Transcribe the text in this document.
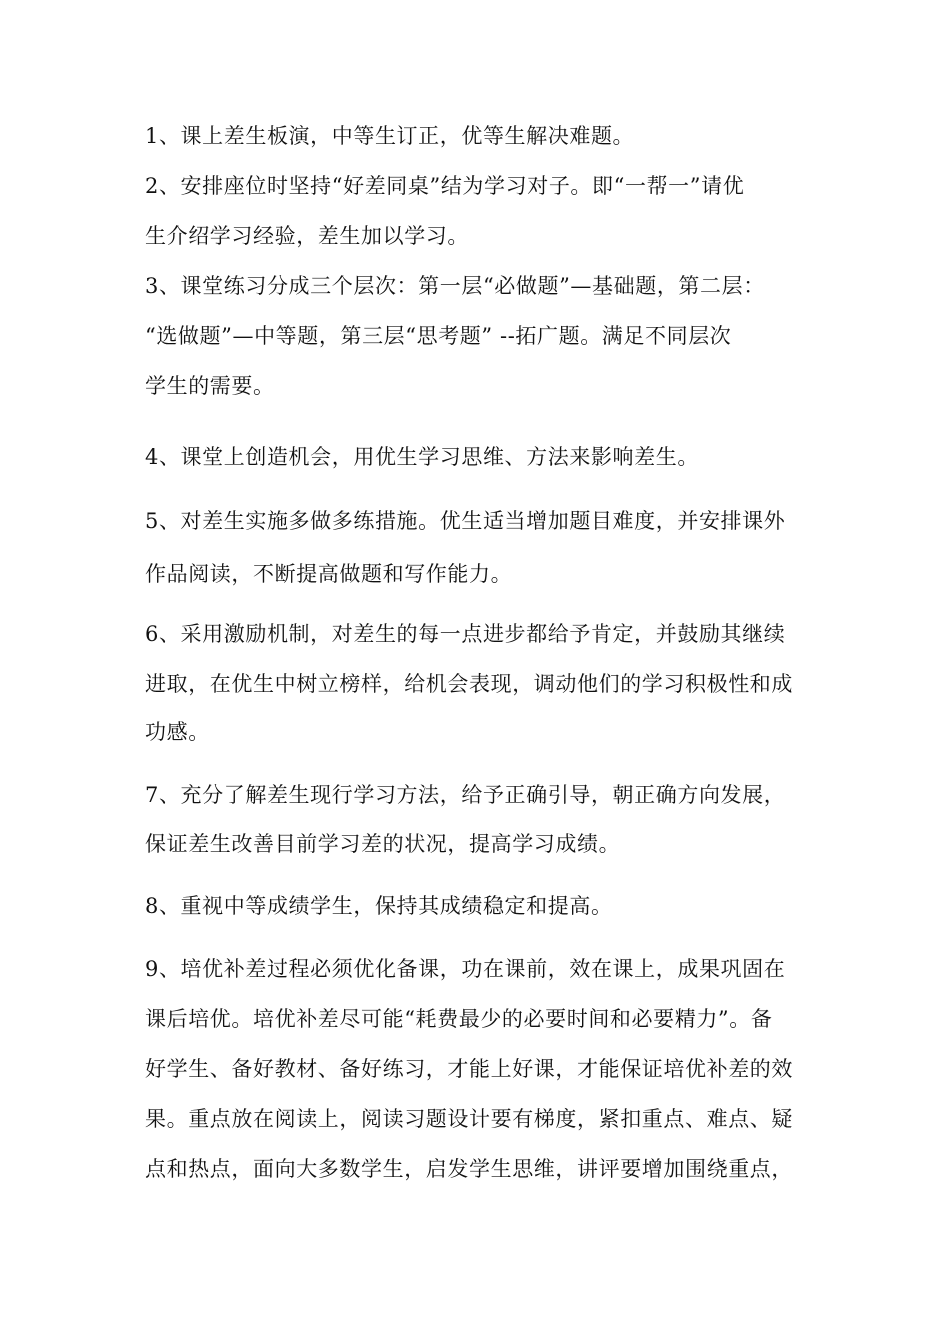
1、课上差生板演，中等生订正，优等生解决难题。
2、安排座位时坚持“好差同桌”结为学习对子。即“一帮一”请优
生介绍学习经验，差生加以学习。
3、课堂练习分成三个层次：第一层“必做题”—基础题，第二层：
“选做题”—中等题，第三层“思考题” --拓广题。满足不同层次
学生的需要。
4、课堂上创造机会，用优生学习思维、方法来影响差生。
5、对差生实施多做多练措施。优生适当增加题目难度，并安排课外
作品阅读，不断提高做题和写作能力。
6、采用激励机制，对差生的每一点进步都给予肯定，并鼓励其继续
进取，在优生中树立榜样，给机会表现，调动他们的学习积极性和成
功感。
7、充分了解差生现行学习方法，给予正确引导，朝正确方向发展，
保证差生改善目前学习差的状况，提高学习成绩。
8、重视中等成绩学生，保持其成绩稳定和提高。
9、培优补差过程必须优化备课，功在课前，效在课上，成果巩固在
课后培优。培优补差尽可能“耗费最少的必要时间和必要精力”。备
好学生、备好教材、备好练习，才能上好课，才能保证培优补差的效
果。重点放在阅读上，阅读习题设计要有梯度，紧扣重点、难点、疑
点和热点，面向大多数学生，启发学生思维，讲评要增加围绕重点，
